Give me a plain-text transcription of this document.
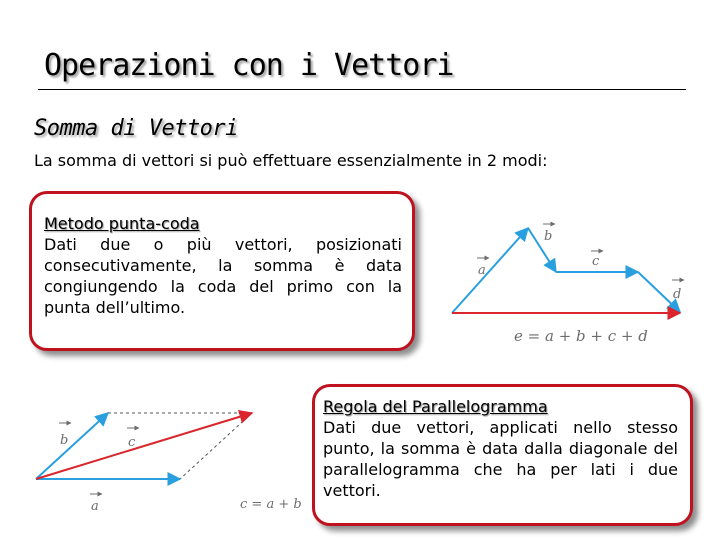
Operazioni con i Vettori
Somma di Vettori
La somma di vettori si può effettuare essenzialmente in 2 modi:
Metodo punta-coda
Dati due o più vettori, posizionati consecutivamente, la somma è data congiungendo la coda del primo con la punta dell’ultimo.
a
b
c
d
e = a + b + c + d
b	c
a	c = a + b
Regola del Parallelogramma
Dati due vettori, applicati nello stesso punto, la somma è data dalla diagonale del parallelogramma che ha per lati i due vettori.
